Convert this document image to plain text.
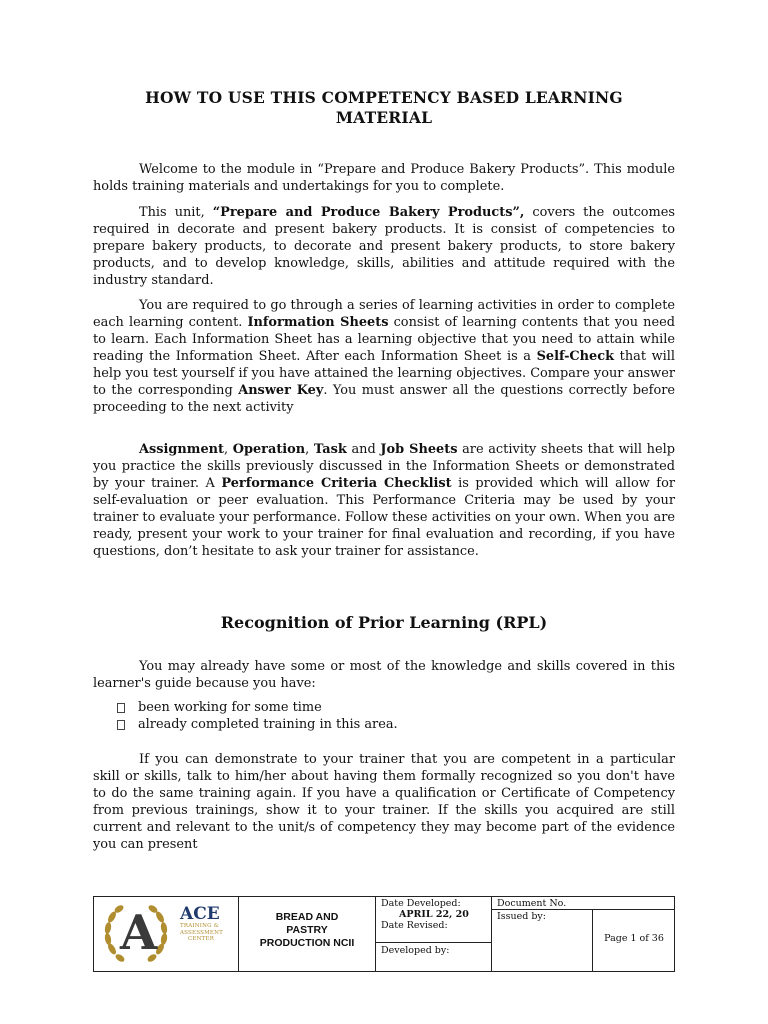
HOW TO USE THIS COMPETENCY BASED LEARNING
MATERIAL
Welcome to the module in “Prepare and Produce Bakery Products”. This module holds training materials and undertakings for you to complete.
This unit, “Prepare and Produce Bakery Products”, covers the outcomes required in decorate and present bakery products. It is consist of competencies to prepare bakery products, to decorate and present bakery products, to store bakery products, and to develop knowledge, skills, abilities and attitude required with the industry standard.
You are required to go through a series of learning activities in order to complete each learning content. Information Sheets consist of learning contents that you need to learn. Each Information Sheet has a learning objective that you need to attain while reading the Information Sheet. After each Information Sheet is a Self-Check that will help you test yourself if you have attained the learning objectives. Compare your answer to the corresponding Answer Key. You must answer all the questions correctly before proceeding to the next activity
Assignment, Operation, Task and Job Sheets are activity sheets that will help you practice the skills previously discussed in the Information Sheets or demonstrated by your trainer. A Performance Criteria Checklist is provided which will allow for self-evaluation or peer evaluation. This Performance Criteria may be used by your trainer to evaluate your performance. Follow these activities on your own. When you are ready, present your work to your trainer for final evaluation and recording, if you have questions, don’t hesitate to ask your trainer for assistance.
Recognition of Prior Learning (RPL)
You may already have some or most of the knowledge and skills covered in this learner's guide because you have:
been working for some time
already completed training in this area.
If you can demonstrate to your trainer that you are competent in a particular skill or skills, talk to him/her about having them formally recognized so you don't have to do the same training again. If you have a qualification or Certificate of Competency from previous trainings, show it to your trainer. If the skills you acquired are still current and relevant to the unit/s of competency they may become part of the evidence you can present
A ACE
TRAINING &
ASSESSMENT
CENTER
BREAD AND
PASTRY
PRODUCTION NCII
Date Developed:
APRIL 22, 20
Date Revised:
Developed by:
Document No.
Issued by:
Page 1 of 36
